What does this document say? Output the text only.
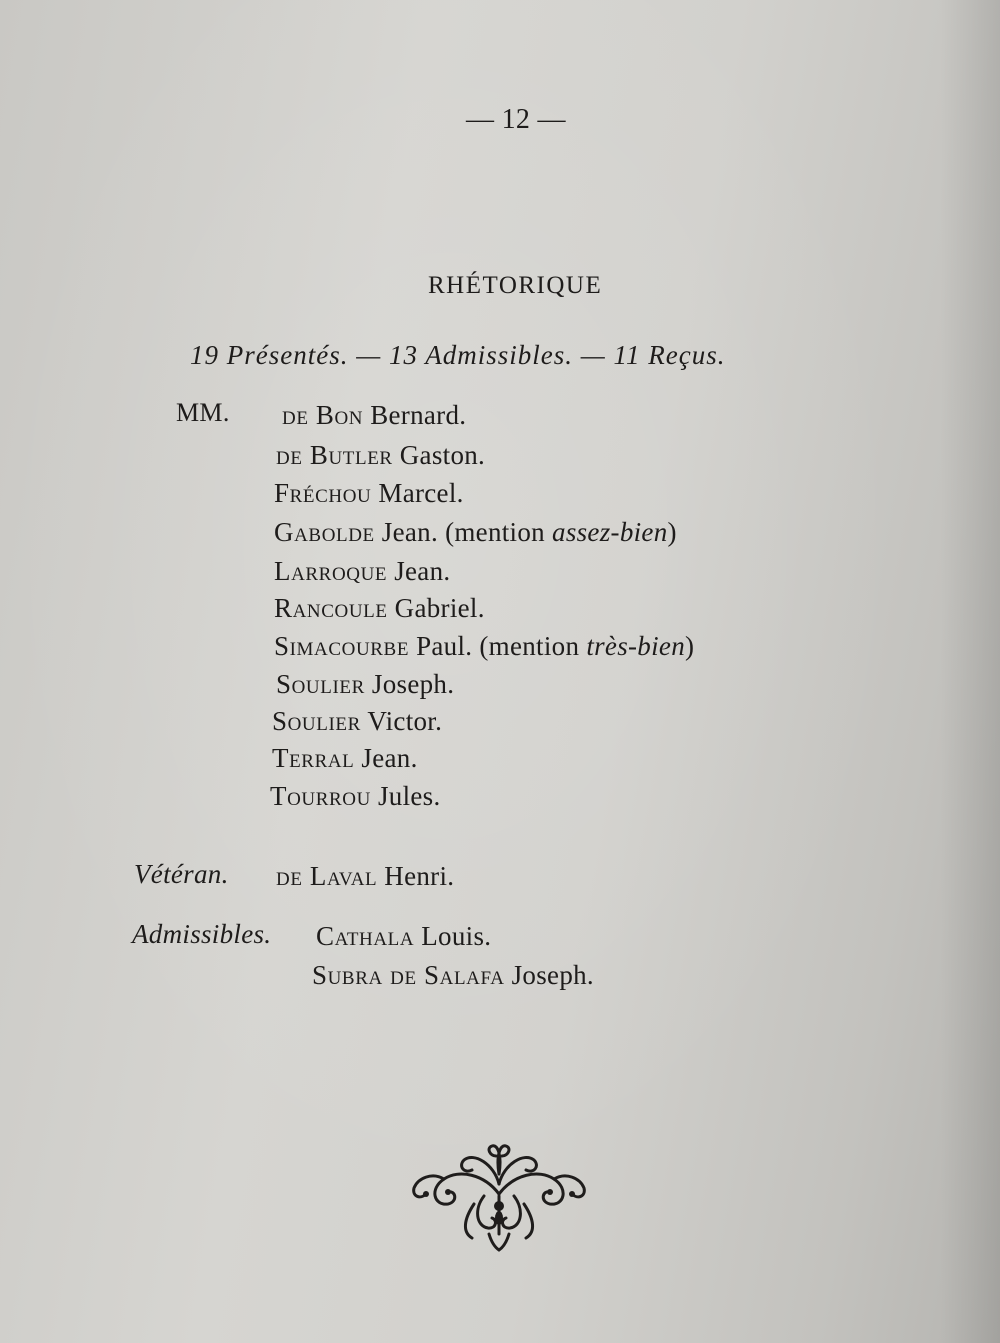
— 12 —
RHÉTORIQUE
19 Présentés. — 13 Admissibles. — 11 Reçus.
MM. de Bon Bernard.
de Butler Gaston.
Fréchou Marcel.
Gabolde Jean. (mention assez-bien)
Larroque Jean.
Rancoule Gabriel.
Simacourbe Paul. (mention très-bien)
Soulier Joseph.
Soulier Victor.
Terral Jean.
Tourrou Jules.
Vétéran. de Laval Henri.
Admissibles. Cathala Louis.
Subra de Salafa Joseph.
